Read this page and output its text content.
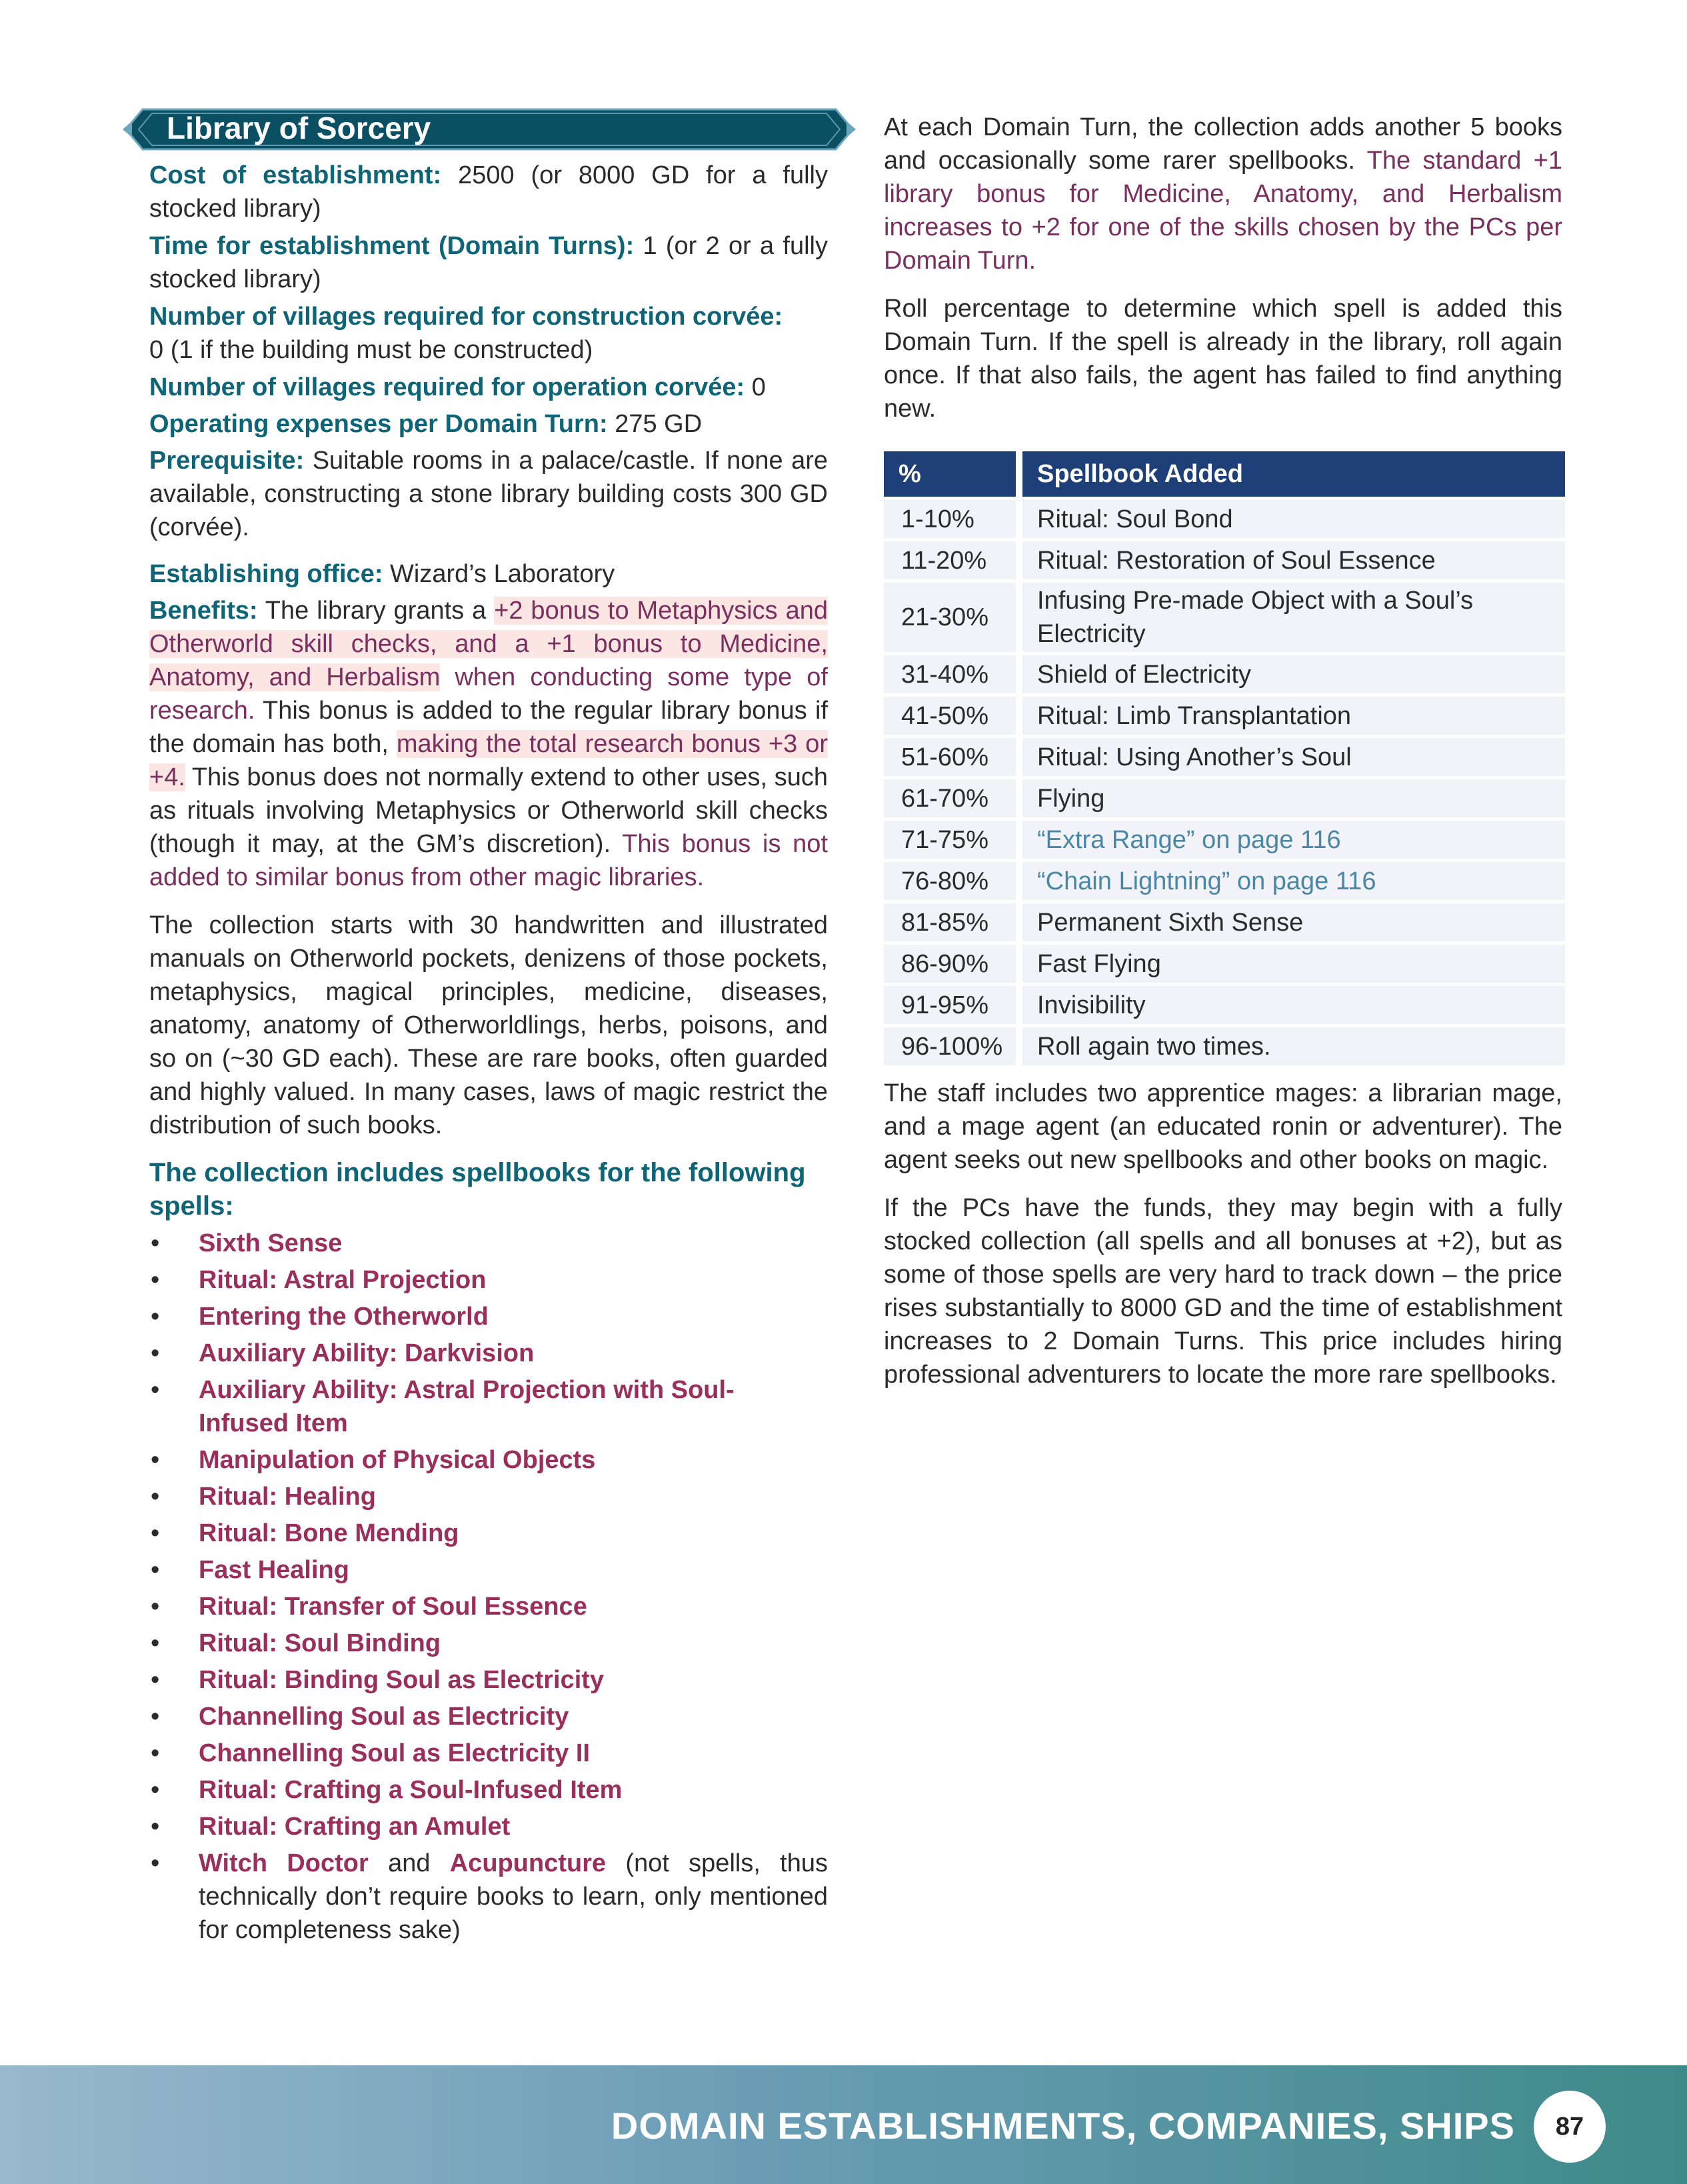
Library of Sorcery
Cost of establishment: 2500 (or 8000 GD for a fully stocked library)
Time for establishment (Domain Turns): 1 (or 2 or a fully stocked library)
Number of villages required for construction corvée:
0 (1 if the building must be constructed)
Number of villages required for operation corvée: 0
Operating expenses per Domain Turn: 275 GD
Prerequisite: Suitable rooms in a palace/castle. If none are available, constructing a stone library building costs 300 GD (corvée).
Establishing office: Wizard’s Laboratory
Benefits: The library grants a +2 bonus to Metaphysics and Otherworld skill checks, and a +1 bonus to Medicine, Anatomy, and Herbalism when conducting some type of research. This bonus is added to the regular library bonus if the domain has both, making the total research bonus +3 or +4. This bonus does not normally extend to other uses, such as rituals involving Metaphysics or Otherworld skill checks (though it may, at the GM’s discretion). This bonus is not added to similar bonus from other magic libraries.
The collection starts with 30 handwritten and illustrated manuals on Otherworld pockets, denizens of those pockets, metaphysics, magical principles, medicine, diseases, anatomy, anatomy of Otherworldlings, herbs, poisons, and so on (~30 GD each). These are rare books, often guarded and highly valued. In many cases, laws of magic restrict the distribution of such books.
The collection includes spellbooks for the following spells:
• Sixth Sense
• Ritual: Astral Projection
• Entering the Otherworld
• Auxiliary Ability: Darkvision
• Auxiliary Ability: Astral Projection with Soul-Infused Item
• Manipulation of Physical Objects
• Ritual: Healing
• Ritual: Bone Mending
• Fast Healing
• Ritual: Transfer of Soul Essence
• Ritual: Soul Binding
• Ritual: Binding Soul as Electricity
• Channelling Soul as Electricity
• Channelling Soul as Electricity II
• Ritual: Crafting a Soul-Infused Item
• Ritual: Crafting an Amulet
• Witch Doctor and Acupuncture (not spells, thus technically don’t require books to learn, only mentioned for completeness sake)
At each Domain Turn, the collection adds another 5 books and occasionally some rarer spellbooks. The standard +1 library bonus for Medicine, Anatomy, and Herbalism increases to +2 for one of the skills chosen by the PCs per Domain Turn.
Roll percentage to determine which spell is added this Domain Turn. If the spell is already in the library, roll again once. If that also fails, the agent has failed to find anything new.
%	Spellbook Added
1-10%	Ritual: Soul Bond
11-20%	Ritual: Restoration of Soul Essence
21-30%	Infusing Pre-made Object with a Soul’s Electricity
31-40%	Shield of Electricity
41-50%	Ritual: Limb Transplantation
51-60%	Ritual: Using Another’s Soul
61-70%	Flying
71-75%	“Extra Range” on page 116
76-80%	“Chain Lightning” on page 116
81-85%	Permanent Sixth Sense
86-90%	Fast Flying
91-95%	Invisibility
96-100%	Roll again two times.
The staff includes two apprentice mages: a librarian mage, and a mage agent (an educated ronin or adventurer). The agent seeks out new spellbooks and other books on magic.
If the PCs have the funds, they may begin with a fully stocked collection (all spells and all bonuses at +2), but as some of those spells are very hard to track down – the price rises substantially to 8000 GD and the time of establishment increases to 2 Domain Turns. This price includes hiring professional adventurers to locate the more rare spellbooks.
DOMAIN ESTABLISHMENTS, COMPANIES, SHIPS	87
